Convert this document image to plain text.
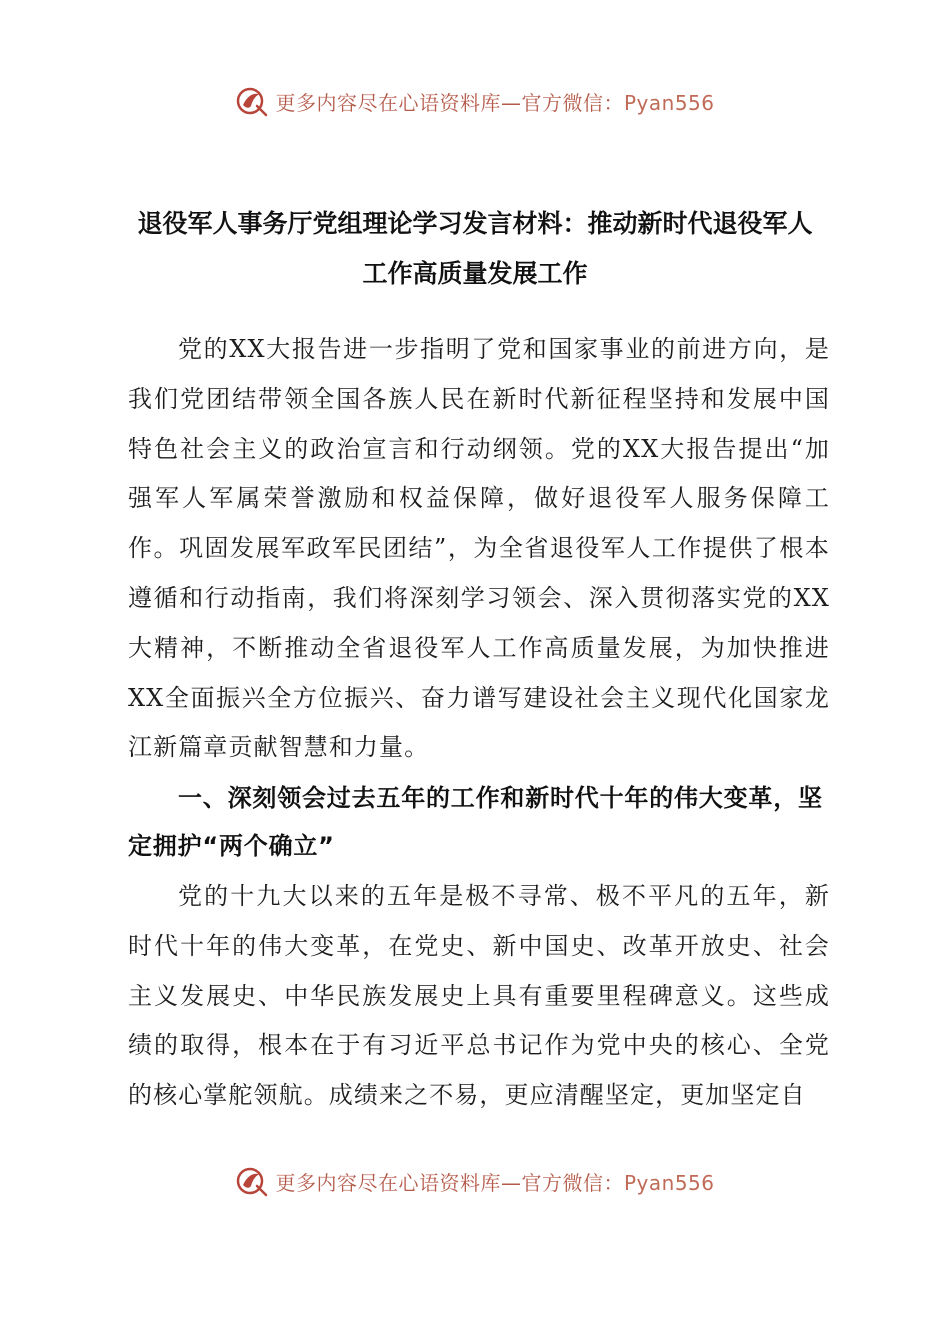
更多内容尽在心语资料库—官方微信：Pyan556
退役军人事务厅党组理论学习发言材料：推动新时代退役军人
工作高质量发展工作
党的XX大报告进一步指明了党和国家事业的前进方向，是我们党团结带领全国各族人民在新时代新征程坚持和发展中国特色社会主义的政治宣言和行动纲领。党的XX大报告提出“加强军人军属荣誉激励和权益保障，做好退役军人服务保障工作。巩固发展军政军民团结”，为全省退役军人工作提供了根本遵循和行动指南，我们将深刻学习领会、深入贯彻落实党的XX大精神，不断推动全省退役军人工作高质量发展，为加快推进XX全面振兴全方位振兴、奋力谱写建设社会主义现代化国家龙江新篇章贡献智慧和力量。
一、深刻领会过去五年的工作和新时代十年的伟大变革，坚定拥护“两个确立”
党的十九大以来的五年是极不寻常、极不平凡的五年，新时代十年的伟大变革，在党史、新中国史、改革开放史、社会主义发展史、中华民族发展史上具有重要里程碑意义。这些成绩的取得，根本在于有习近平总书记作为党中央的核心、全党的核心掌舵领航。成绩来之不易，更应清醒坚定，更加坚定自
更多内容尽在心语资料库—官方微信：Pyan556
